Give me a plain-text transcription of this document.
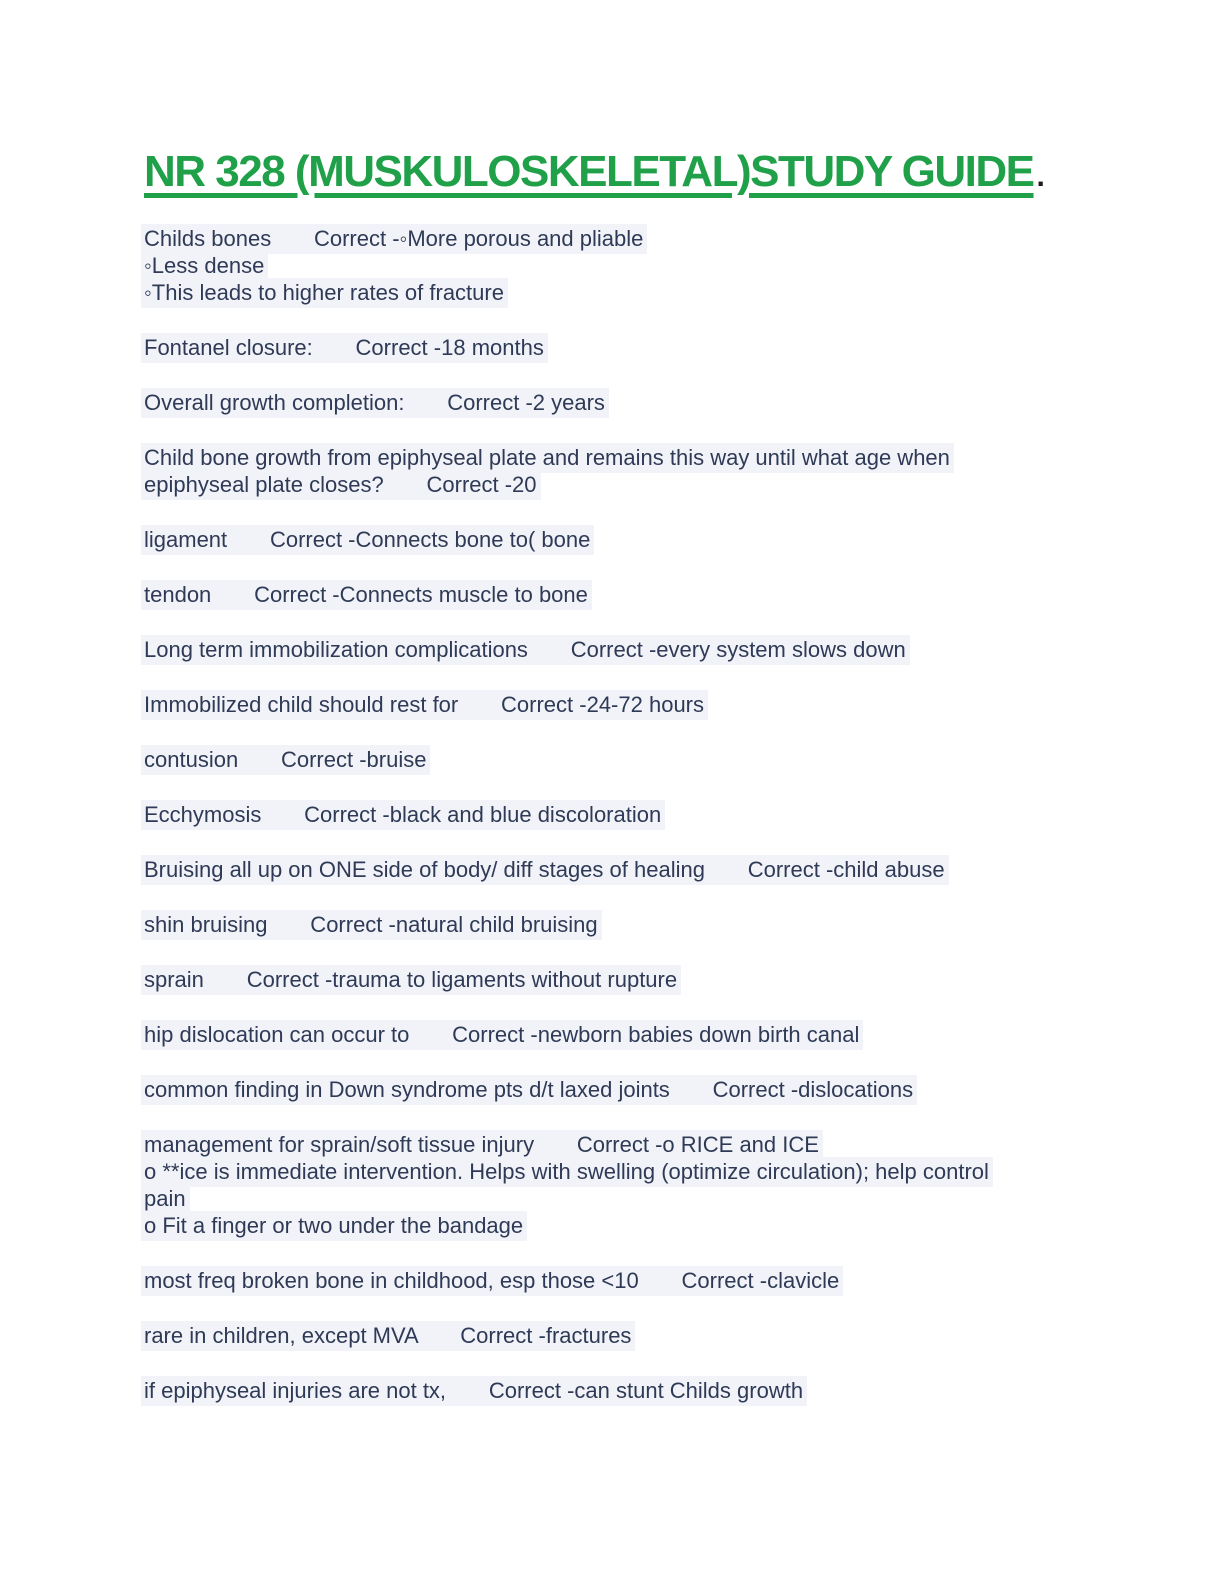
NR 328 (MUSKULOSKELETAL)STUDY GUIDE .
Childs bones       Correct -◦More porous and pliable
◦Less dense
◦This leads to higher rates of fracture
Fontanel closure:       Correct -18 months
Overall growth completion:       Correct -2 years
Child bone growth from epiphyseal plate and remains this way until what age when
epiphyseal plate closes?       Correct -20
ligament       Correct -Connects bone to( bone
tendon       Correct -Connects muscle to bone
Long term immobilization complications       Correct -every system slows down
Immobilized child should rest for       Correct -24-72 hours
contusion       Correct -bruise
Ecchymosis       Correct -black and blue discoloration
Bruising all up on ONE side of body/ diff stages of healing       Correct -child abuse
shin bruising       Correct -natural child bruising
sprain       Correct -trauma to ligaments without rupture
hip dislocation can occur to       Correct -newborn babies down birth canal
common finding in Down syndrome pts d/t laxed joints       Correct -dislocations
management for sprain/soft tissue injury       Correct -o RICE and ICE
o **ice is immediate intervention. Helps with swelling (optimize circulation); help control
pain
o Fit a finger or two under the bandage
most freq broken bone in childhood, esp those <10       Correct -clavicle
rare in children, except MVA       Correct -fractures
if epiphyseal injuries are not tx,       Correct -can stunt Childs growth
